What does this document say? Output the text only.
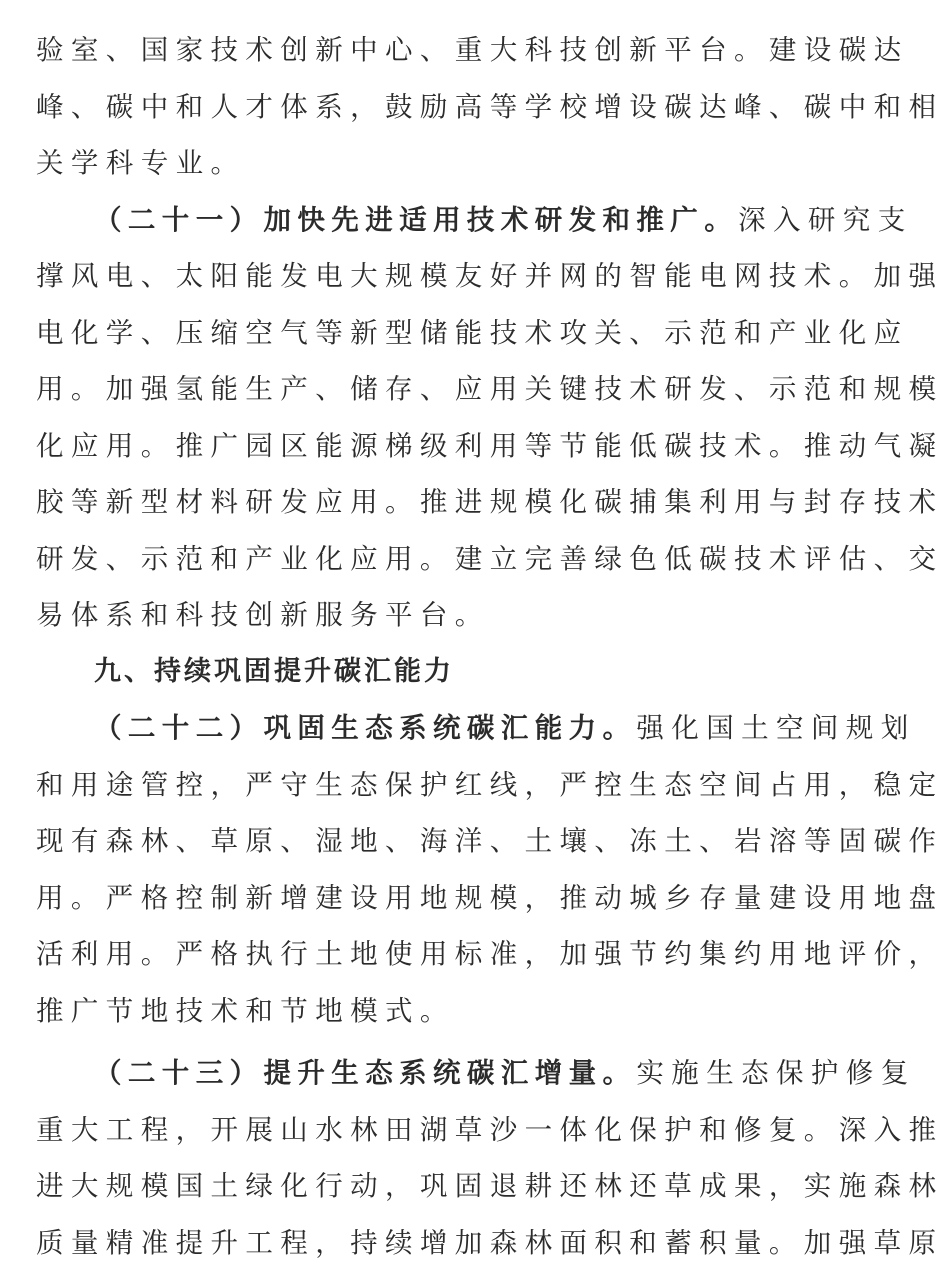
验室、国家技术创新中心、重大科技创新平台。建设碳达
峰、碳中和人才体系，鼓励高等学校增设碳达峰、碳中和相
关学科专业。
（二十一）加快先进适用技术研发和推广。深入研究支
撑风电、太阳能发电大规模友好并网的智能电网技术。加强
电化学、压缩空气等新型储能技术攻关、示范和产业化应
用。加强氢能生产、储存、应用关键技术研发、示范和规模
化应用。推广园区能源梯级利用等节能低碳技术。推动气凝
胶等新型材料研发应用。推进规模化碳捕集利用与封存技术
研发、示范和产业化应用。建立完善绿色低碳技术评估、交
易体系和科技创新服务平台。
九、持续巩固提升碳汇能力
（二十二）巩固生态系统碳汇能力。强化国土空间规划
和用途管控，严守生态保护红线，严控生态空间占用，稳定
现有森林、草原、湿地、海洋、土壤、冻土、岩溶等固碳作
用。严格控制新增建设用地规模，推动城乡存量建设用地盘
活利用。严格执行土地使用标准，加强节约集约用地评价，
推广节地技术和节地模式。
（二十三）提升生态系统碳汇增量。实施生态保护修复
重大工程，开展山水林田湖草沙一体化保护和修复。深入推
进大规模国土绿化行动，巩固退耕还林还草成果，实施森林
质量精准提升工程，持续增加森林面积和蓄积量。加强草原
